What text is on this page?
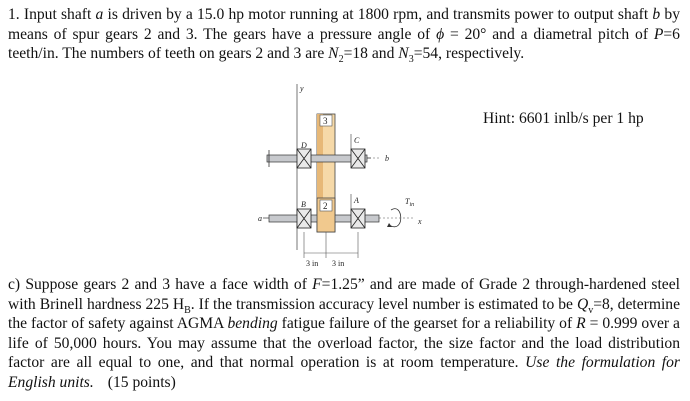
1. Input shaft a is driven by a 15.0 hp motor running at 1800 rpm, and transmits power to output shaft b by means of spur gears 2 and 3. The gears have a pressure angle of ϕ = 20° and a diametral pitch of P=6 teeth/in. The numbers of teeth on gears 2 and 3 are $N_2=18$ and $N_3=54$, respectively.
Hint: 6601 inlb/s per 1 hp
y
3
b
D
C
a
2
B	A	$T_{in}$
x
3 in 3 in
c) Suppose gears 2 and 3 have a face width of F=1.25” and are made of Grade 2 through-hardened steel with Brinell hardness 225 $H_B$. If the transmission accuracy level number is estimated to be $Q_v=8$, determine the factor of safety against AGMA bending fatigue failure of the gearset for a reliability of R = 0.999 over a life of 50,000 hours. You may assume that the overload factor, the size factor and the load distribution factor are all equal to one, and that normal operation is at room temperature. Use the formulation for English units. (15 points)
